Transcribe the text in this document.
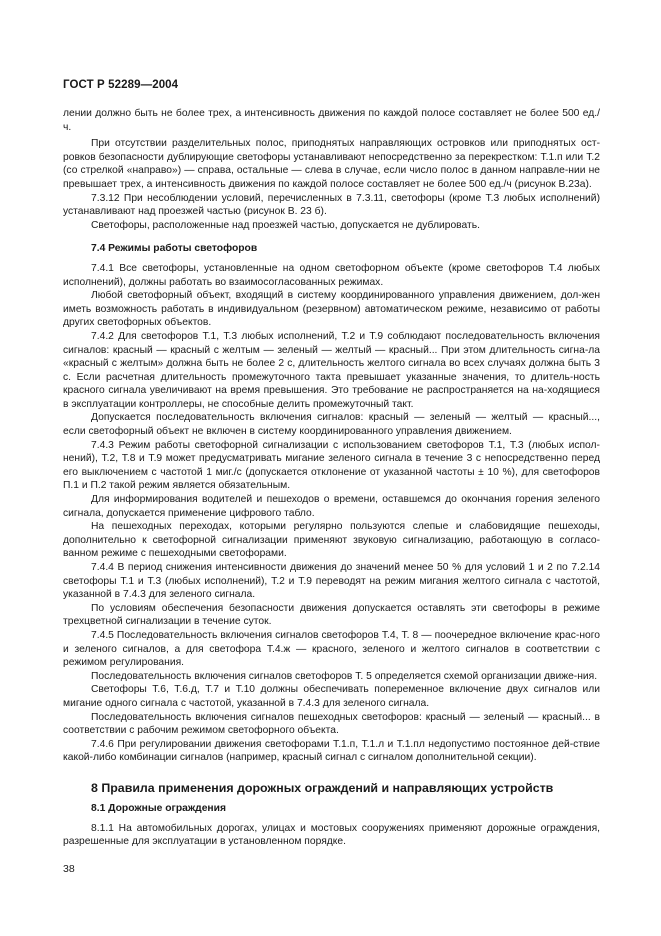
ГОСТ Р 52289—2004

лении должно быть не более трех, а интенсивность движения по каждой полосе составляет не более 500 ед./ч.

При отсутствии разделительных полос, приподнятых направляющих островков или приподнятых ост-ровков безопасности дублирующие светофоры устанавливают непосредственно за перекрестком: Т.1.п или Т.2 (со стрелкой «направо») — справа, остальные — слева в случае, если число полос в данном направле-нии не превышает трех, а интенсивность движения по каждой полосе составляет не более 500 ед./ч (рисунок В.23а).

7.3.12 При несоблюдении условий, перечисленных в 7.3.11, светофоры (кроме Т.3 любых исполнений) устанавливают над проезжей частью (рисунок В. 23 б).

Светофоры, расположенные над проезжей частью, допускается не дублировать.

7.4 Режимы работы светофоров

7.4.1 Все светофоры, установленные на одном светофорном объекте (кроме светофоров Т.4 любых исполнений), должны работать во взаимосогласованных режимах.

Любой светофорный объект, входящий в систему координированного управления движением, дол-жен иметь возможность работать в индивидуальном (резервном) автоматическом режиме, независимо от работы других светофорных объектов.

7.4.2 Для светофоров Т.1, Т.3 любых исполнений, Т.2 и Т.9 соблюдают последовательность включения сигналов: красный — красный с желтым — зеленый — желтый — красный... При этом длительность сигна-ла «красный с желтым» должна быть не более 2 с, длительность желтого сигнала во всех случаях должна быть 3 с. Если расчетная длительность промежуточного такта превышает указанные значения, то длитель-ность красного сигнала увеличивают на время превышения. Это требование не распространяется на на-ходящиеся в эксплуатации контроллеры, не способные делить промежуточный такт.

Допускается последовательность включения сигналов: красный — зеленый — желтый — красный..., если светофорный объект не включен в систему координированного управления движением.

7.4.3 Режим работы светофорной сигнализации с использованием светофоров Т.1, Т.3 (любых испол-нений), Т.2, Т.8 и Т.9 может предусматривать мигание зеленого сигнала в течение 3 с непосредственно перед его выключением с частотой 1 миг./с (допускается отклонение от указанной частоты ± 10 %), для светофоров П.1 и П.2 такой режим является обязательным.

Для информирования водителей и пешеходов о времени, оставшемся до окончания горения зеленого сигнала, допускается применение цифрового табло.

На пешеходных переходах, которыми регулярно пользуются слепые и слабовидящие пешеходы, дополнительно к светофорной сигнализации применяют звуковую сигнализацию, работающую в согласо-ванном режиме с пешеходными светофорами.

7.4.4 В период снижения интенсивности движения до значений менее 50 % для условий 1 и 2 по 7.2.14 светофоры Т.1 и Т.3 (любых исполнений), Т.2 и Т.9 переводят на режим мигания желтого сигнала с частотой, указанной в 7.4.3 для зеленого сигнала.

По условиям обеспечения безопасности движения допускается оставлять эти светофоры в режиме трехцветной сигнализации в течение суток.

7.4.5 Последовательность включения сигналов светофоров Т.4, Т. 8 — поочередное включение крас-ного и зеленого сигналов, а для светофора Т.4.ж — красного, зеленого и желтого сигналов в соответствии с режимом регулирования.

Последовательность включения сигналов светофоров Т. 5 определяется схемой организации движе-ния.

Светофоры Т.6, Т.6.д, Т.7 и Т.10 должны обеспечивать попеременное включение двух сигналов или мигание одного сигнала с частотой, указанной в 7.4.3 для зеленого сигнала.

Последовательность включения сигналов пешеходных светофоров: красный — зеленый — красный... в соответствии с рабочим режимом светофорного объекта.

7.4.6 При регулировании движения светофорами Т.1.п, Т.1.л и Т.1.пл недопустимо постоянное дей-ствие какой-либо комбинации сигналов (например, красный сигнал с сигналом дополнительной секции).

8 Правила применения дорожных ограждений и направляющих устройств

8.1 Дорожные ограждения

8.1.1 На автомобильных дорогах, улицах и мостовых сооружениях применяют дорожные ограждения, разрешенные для эксплуатации в установленном порядке.

38
